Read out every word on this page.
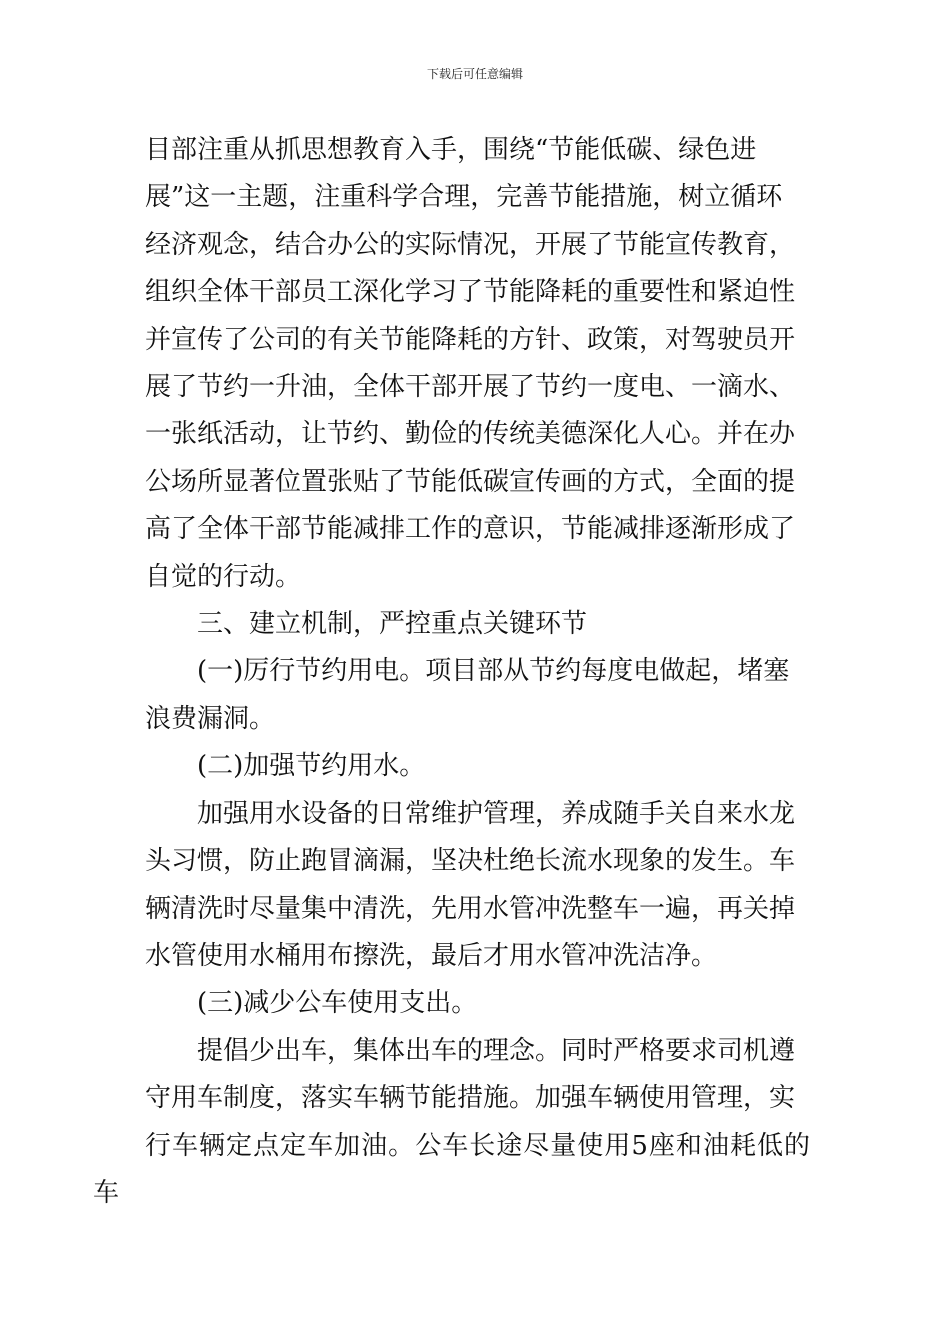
下载后可任意编辑

目部注重从抓思想教育入手，围绕“节能低碳、绿色进
展”这一主题，注重科学合理，完善节能措施，树立循环
经济观念，结合办公的实际情况，开展了节能宣传教育，
组织全体干部员工深化学习了节能降耗的重要性和紧迫性
并宣传了公司的有关节能降耗的方针、政策，对驾驶员开
展了节约一升油，全体干部开展了节约一度电、一滴水、
一张纸活动，让节约、勤俭的传统美德深化人心。并在办
公场所显著位置张贴了节能低碳宣传画的方式，全面的提
高了全体干部节能减排工作的意识，节能减排逐渐形成了
自觉的行动。

三、建立机制，严控重点关键环节

(一)厉行节约用电。项目部从节约每度电做起，堵塞
浪费漏洞。

(二)加强节约用水。

加强用水设备的日常维护管理，养成随手关自来水龙
头习惯，防止跑冒滴漏，坚决杜绝长流水现象的发生。车
辆清洗时尽量集中清洗，先用水管冲洗整车一遍，再关掉
水管使用水桶用布擦洗，最后才用水管冲洗洁净。

(三)减少公车使用支出。

提倡少出车，集体出车的理念。同时严格要求司机遵
守用车制度，落实车辆节能措施。加强车辆使用管理，实
行车辆定点定车加油。公车长途尽量使用5座和油耗低的车
